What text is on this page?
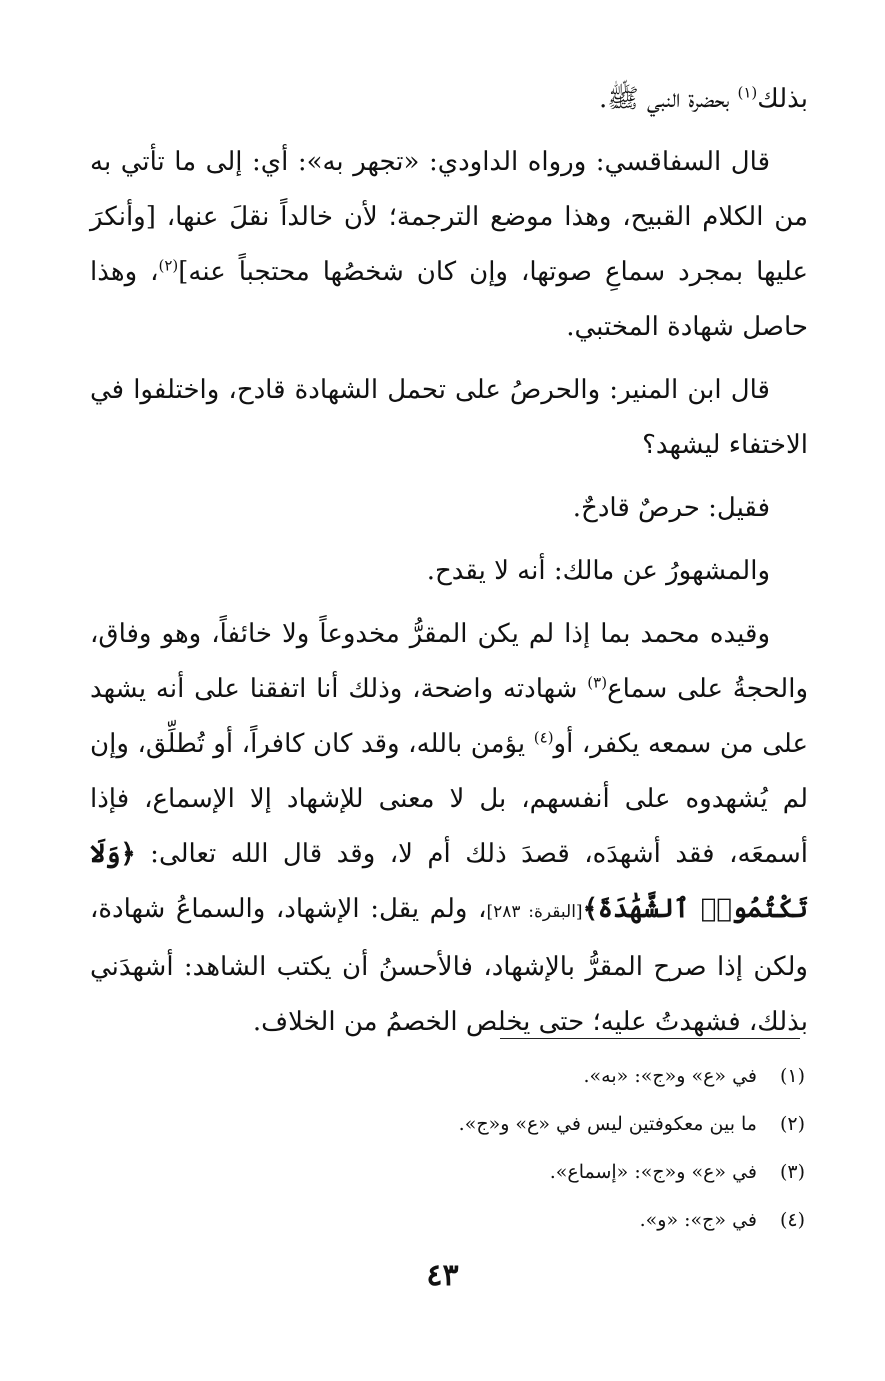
بذلك$^{(١)}$ بحضرة النبي ﷺ.

قال السفاقسي: ورواه الداودي: «تجهر به»: أي: إلى ما تأتي به من الكلام القبيح، وهذا موضع الترجمة؛ لأن خالداً نقلَ عنها، [وأنكرَ عليها بمجرد سماعِ صوتها، وإن كان شخصُها محتجباً عنه]$^{(٢)}$، وهذا حاصل شهادة المختبي.

قال ابن المنير: والحرصُ على تحمل الشهادة قادح، واختلفوا في الاختفاء ليشهد؟

فقيل: حرصٌ قادحٌ.

والمشهورُ عن مالك: أنه لا يقدح.

وقيده محمد بما إذا لم يكن المقرُّ مخدوعاً ولا خائفاً، وهو وفاق، والحجةُ على سماع$^{(٣)}$ شهادته واضحة، وذلك أنا اتفقنا على أنه يشهد على من سمعه يكفر، أو$^{(٤)}$ يؤمن بالله، وقد كان كافراً، أو تُطلِّق، وإن لم يُشهدوه على أنفسهم، بل لا معنى للإشهاد إلا الإسماع، فإذا أسمعَه، فقد أشهدَه، قصدَ ذلك أم لا، وقد قال الله تعالى: ﴿وَلَا تَكْتُمُوا۟ ٱلشَّهَٰدَةَ﴾[البقرة: ٢٨٣]، ولم يقل: الإشهاد، والسماعُ شهادة، ولكن إذا صرح المقرُّ بالإشهاد، فالأحسنُ أن يكتب الشاهد: أشهدَني بذلك، فشهدتُ عليه؛ حتى يخلص الخصمُ من الخلاف.

(١)في «ع» و«ج»: «به».

(٢)ما بين معكوفتين ليس في «ع» و«ج».

(٣)في «ع» و«ج»: «إسماع».

(٤)في «ج»: «و».

٤٣
